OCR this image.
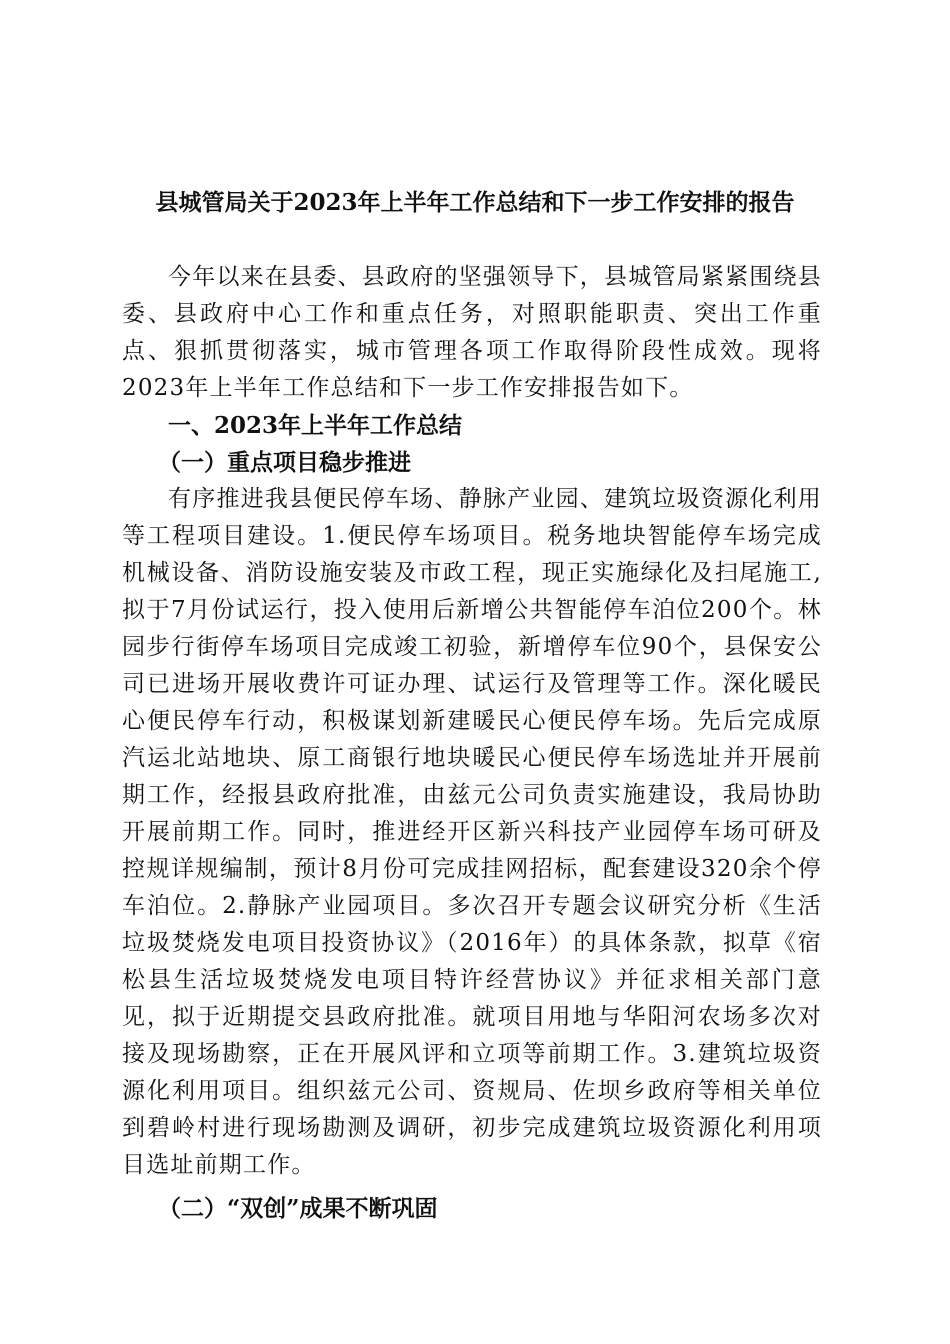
县城管局关于2023年上半年工作总结和下一步工作安排的报告

今年以来在县委、县政府的坚强领导下，县城管局紧紧围绕县委、县政府中心工作和重点任务，对照职能职责、突出工作重点、狠抓贯彻落实，城市管理各项工作取得阶段性成效。现将2023年上半年工作总结和下一步工作安排报告如下。

一、2023年上半年工作总结

（一）重点项目稳步推进

有序推进我县便民停车场、静脉产业园、建筑垃圾资源化利用等工程项目建设。1.便民停车场项目。税务地块智能停车场完成机械设备、消防设施安装及市政工程，现正实施绿化及扫尾施工,拟于7月份试运行，投入使用后新增公共智能停车泊位200个。林园步行街停车场项目完成竣工初验，新增停车位90个，县保安公司已进场开展收费许可证办理、试运行及管理等工作。深化暖民心便民停车行动，积极谋划新建暖民心便民停车场。先后完成原汽运北站地块、原工商银行地块暖民心便民停车场选址并开展前期工作，经报县政府批准，由兹元公司负责实施建设，我局协助开展前期工作。同时，推进经开区新兴科技产业园停车场可研及控规详规编制，预计8月份可完成挂网招标，配套建设320余个停车泊位。2.静脉产业园项目。多次召开专题会议研究分析《生活垃圾焚烧发电项目投资协议》（2016年）的具体条款，拟草《宿松县生活垃圾焚烧发电项目特许经营协议》并征求相关部门意见，拟于近期提交县政府批准。就项目用地与华阳河农场多次对接及现场勘察，正在开展风评和立项等前期工作。3.建筑垃圾资源化利用项目。组织兹元公司、资规局、佐坝乡政府等相关单位到碧岭村进行现场勘测及调研，初步完成建筑垃圾资源化利用项目选址前期工作。

（二）“双创”成果不断巩固
